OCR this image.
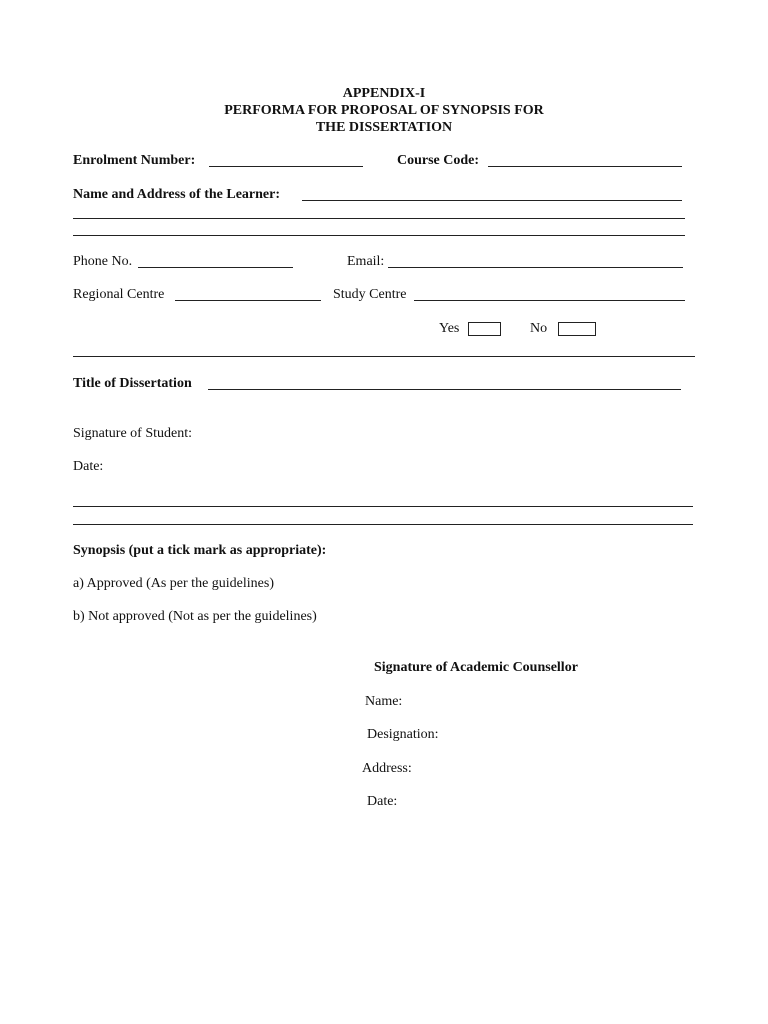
APPENDIX-I
PERFORMA FOR PROPOSAL OF SYNOPSIS FOR
THE DISSERTATION
Enrolment Number:	Course Code:
Name and Address of the Learner:
Phone No.	Email:
Regional Centre	Study Centre
Yes	No
Title of Dissertation
Signature of Student:
Date:
Synopsis (put a tick mark as appropriate):
a) Approved (As per the guidelines)
b) Not approved (Not as per the guidelines)
Signature of Academic Counsellor
Name:
Designation:
Address:
Date:
